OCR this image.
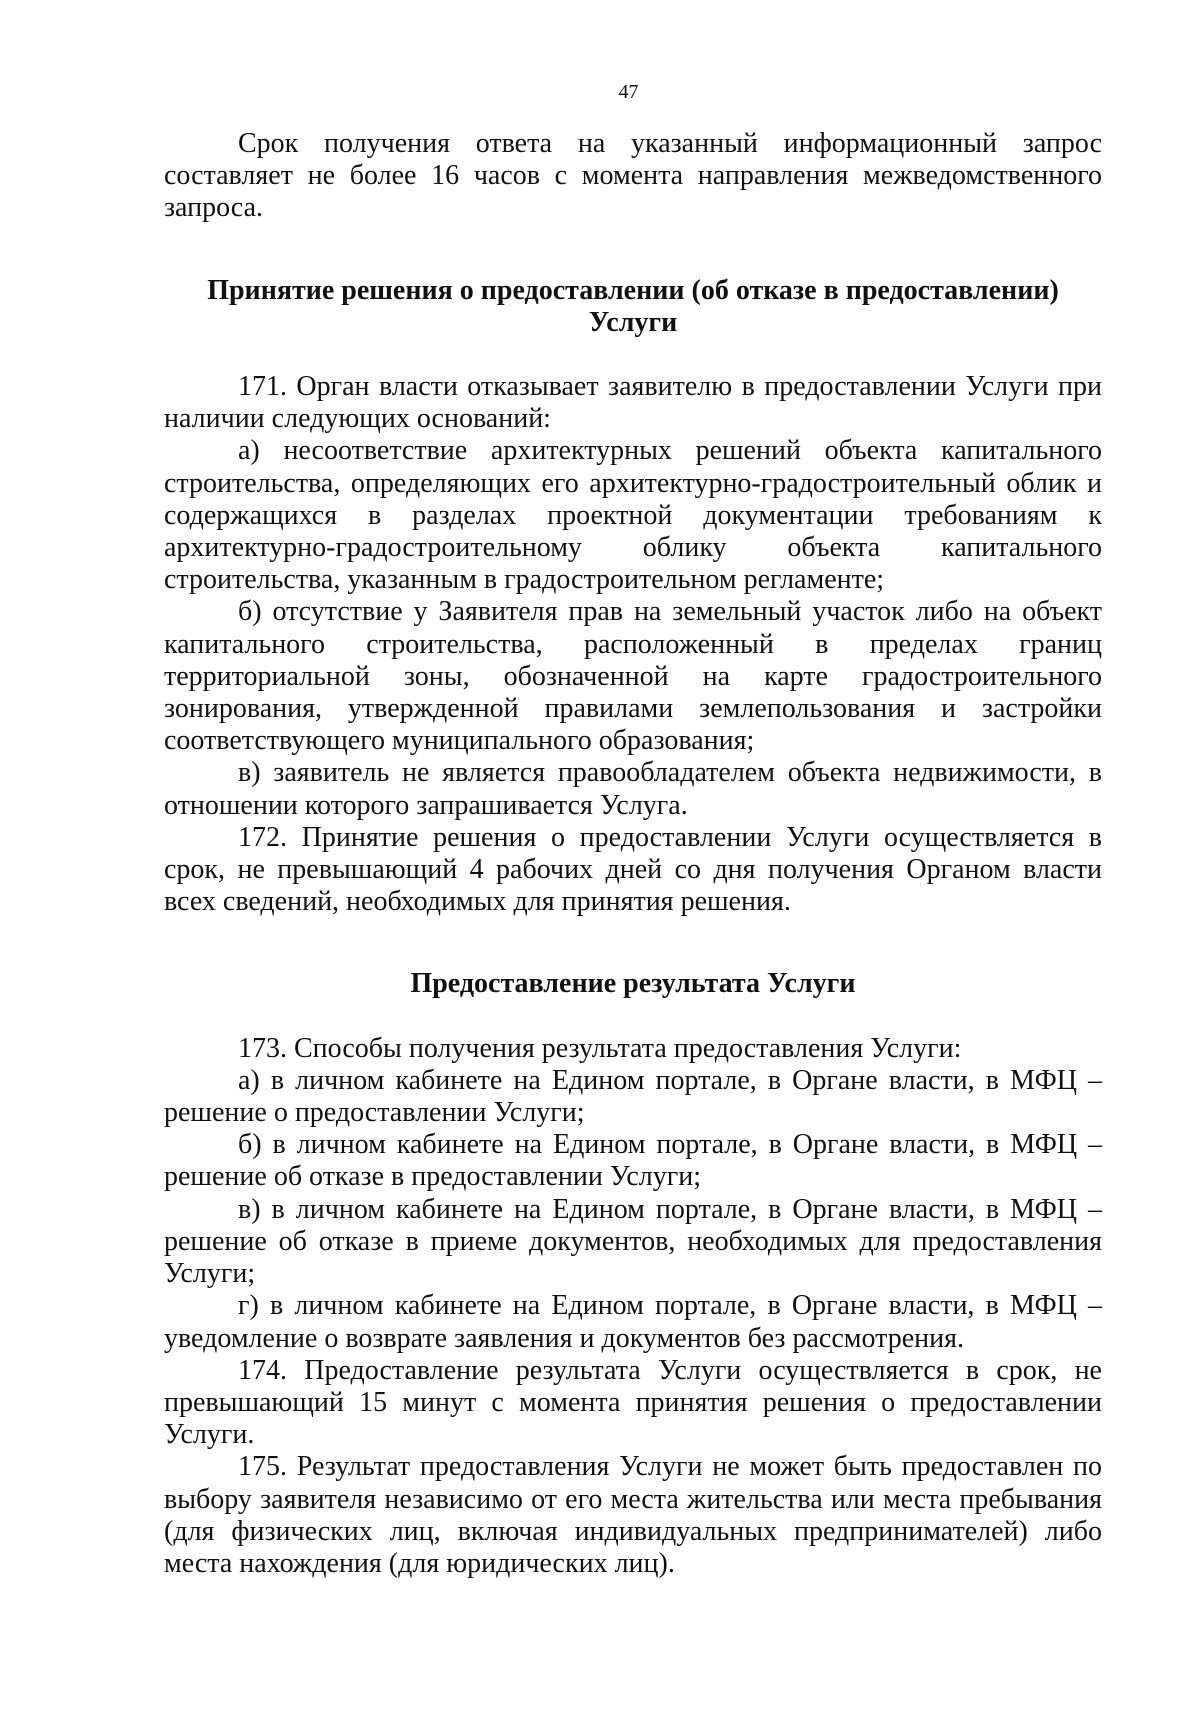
47

Срок получения ответа на указанный информационный запрос составляет не более 16 часов с момента направления межведомственного запроса.

Принятие решения о предоставлении (об отказе в предоставлении) Услуги

171. Орган власти отказывает заявителю в предоставлении Услуги при наличии следующих оснований:

а) несоответствие архитектурных решений объекта капитального строительства, определяющих его архитектурно-градостроительный облик и содержащихся в разделах проектной документации требованиям к архитектурно-градостроительному облику объекта капитального строительства, указанным в градостроительном регламенте;

б) отсутствие у Заявителя прав на земельный участок либо на объект капитального строительства, расположенный в пределах границ территориальной зоны, обозначенной на карте градостроительного зонирования, утвержденной правилами землепользования и застройки соответствующего муниципального образования;

в) заявитель не является правообладателем объекта недвижимости, в отношении которого запрашивается Услуга.

172. Принятие решения о предоставлении Услуги осуществляется в срок, не превышающий 4 рабочих дней со дня получения Органом власти всех сведений, необходимых для принятия решения.

Предоставление результата Услуги

173. Способы получения результата предоставления Услуги:

а) в личном кабинете на Едином портале, в Органе власти, в МФЦ – решение о предоставлении Услуги;

б) в личном кабинете на Едином портале, в Органе власти, в МФЦ – решение об отказе в предоставлении Услуги;

в) в личном кабинете на Едином портале, в Органе власти, в МФЦ – решение об отказе в приеме документов, необходимых для предоставления Услуги;

г) в личном кабинете на Едином портале, в Органе власти, в МФЦ – уведомление о возврате заявления и документов без рассмотрения.

174. Предоставление результата Услуги осуществляется в срок, не превышающий 15 минут с момента принятия решения о предоставлении Услуги.

175. Результат предоставления Услуги не может быть предоставлен по выбору заявителя независимо от его места жительства или места пребывания (для физических лиц, включая индивидуальных предпринимателей) либо места нахождения (для юридических лиц).
